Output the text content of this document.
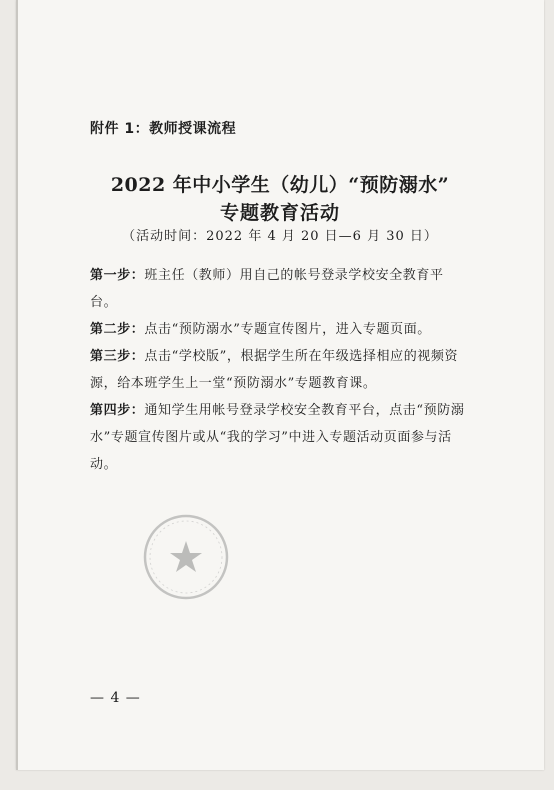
附件 1：教师授课流程
2022 年中小学生（幼儿）“预防溺水”
专题教育活动
（活动时间：2022 年 4 月 20 日—6 月 30 日）

第一步：班主任（教师）用自己的帐号登录学校安全教育平台。

第二步：点击“预防溺水”专题宣传图片，进入专题页面。

第三步：点击“学校版”，根据学生所在年级选择相应的视频资源，给本班学生上一堂“预防溺水”专题教育课。

第四步：通知学生用帐号登录学校安全教育平台，点击“预防溺水”专题宣传图片或从“我的学习”中进入专题活动页面参与活动。

— 4 —
